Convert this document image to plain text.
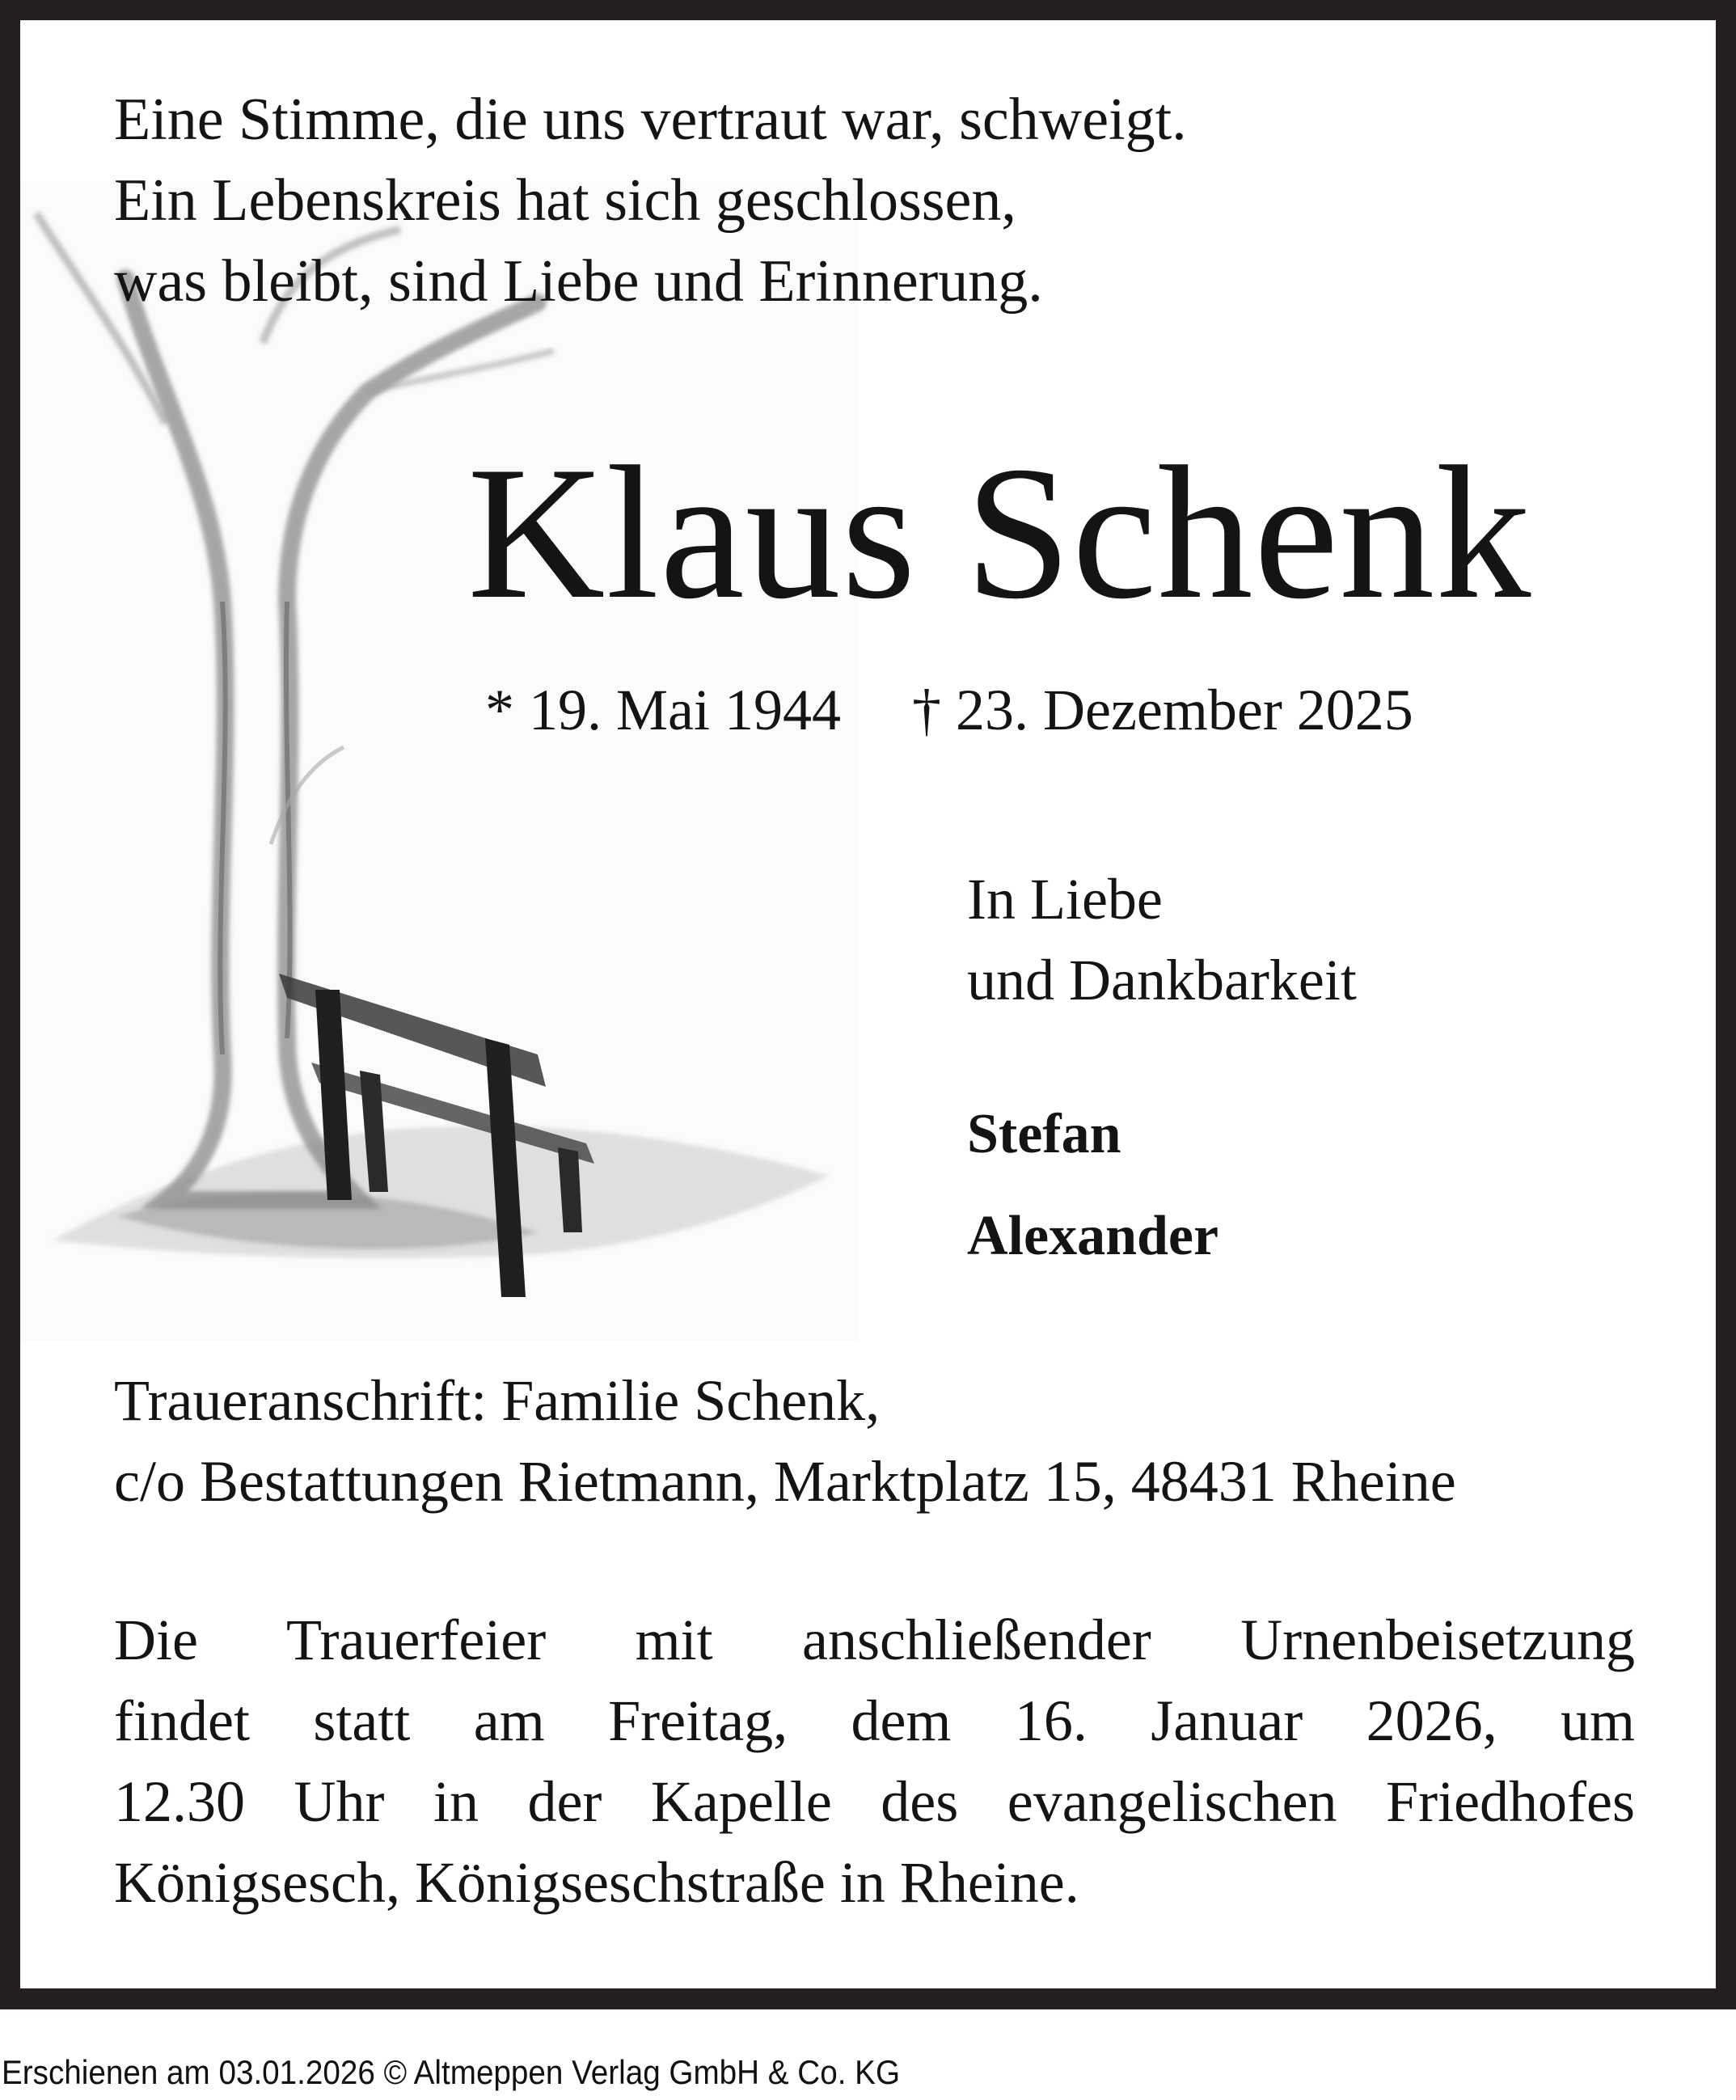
Eine Stimme, die uns vertraut war, schweigt.
Ein Lebenskreis hat sich geschlossen,
was bleibt, sind Liebe und Erinnerung.
Klaus Schenk
* 19. Mai 1944 † 23. Dezember 2025
In Liebe
und Dankbarkeit
Stefan
Alexander
Traueranschrift: Familie Schenk,
c/o Bestattungen Rietmann, Marktplatz 15, 48431 Rheine
Die Trauerfeier mit anschließender Urnenbeisetzung
findet statt am Freitag, dem 16. Januar 2026, um
12.30 Uhr in der Kapelle des evangelischen Friedhofes
Königsesch, Königseschstraße in Rheine.
Erschienen am 03.01.2026 © Altmeppen Verlag GmbH & Co. KG
